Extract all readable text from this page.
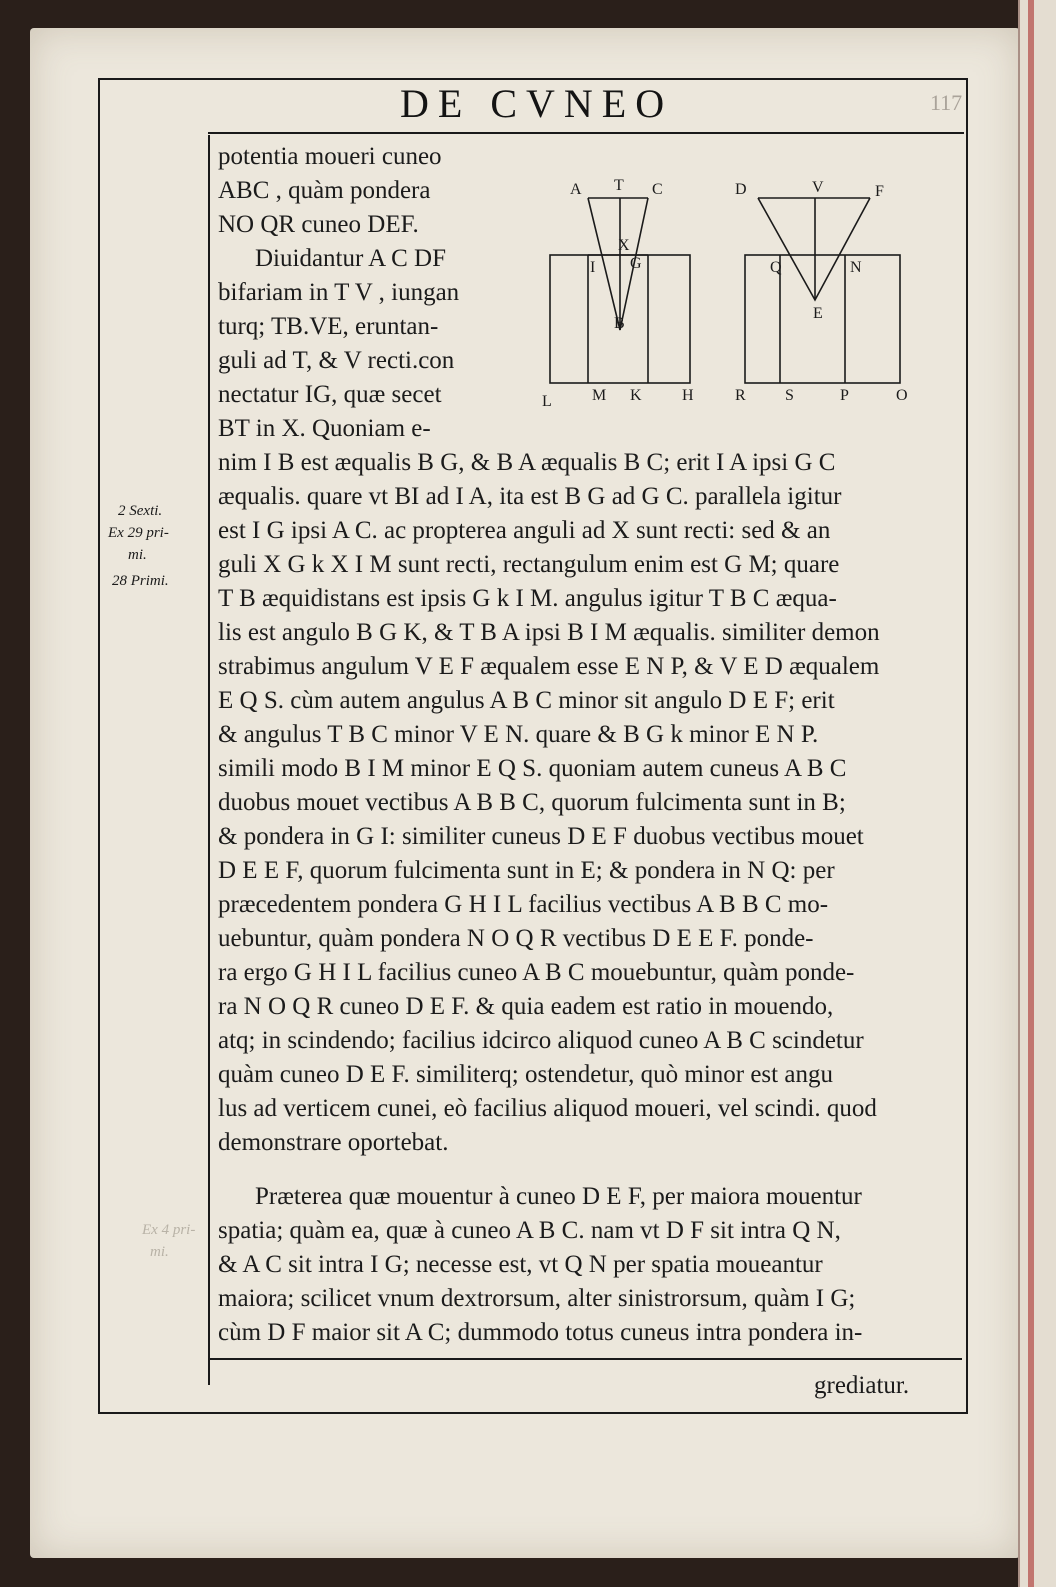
DE CVNEO	117
2 Sexti.
Ex 29 pri-
mi.
28 Primi.
Ex 4 pri-
mi.
potentia moueri cuneo
ABC , quàm pondera
NO QR cuneo DEF.
Diuidantur A C DF
bifariam in T V , iungan
turq; TB.VE, eruntan-
guli ad T, & V recti.con
nectatur IG, quæ secet
BT in X. Quoniam e-
nim I B est æqualis B G, & B A æqualis B C; erit I A ipsi G C
æqualis. quare vt BI ad I A, ita est B G ad G C. parallela igitur
est I G ipsi A C. ac propterea anguli ad X sunt recti: sed & an
guli X G k X I M sunt recti, rectangulum enim est G M; quare
T B æquidistans est ipsis G k I M. angulus igitur T B C æqua-
lis est angulo B G K, & T B A ipsi B I M æqualis. similiter demon
strabimus angulum V E F æqualem esse E N P, & V E D æqualem
E Q S. cùm autem angulus A B C minor sit angulo D E F; erit
& angulus T B C minor V E N. quare & B G k minor E N P.
simili modo B I M minor E Q S. quoniam autem cuneus A B C
duobus mouet vectibus A B B C, quorum fulcimenta sunt in B;
& pondera in G I: similiter cuneus D E F duobus vectibus mouet
D E E F, quorum fulcimenta sunt in E; & pondera in N Q: per
præcedentem pondera G H I L facilius vectibus A B B C mo-
uebuntur, quàm pondera N O Q R vectibus D E E F. ponde-
ra ergo G H I L facilius cuneo A B C mouebuntur, quàm ponde-
ra N O Q R cuneo D E F. & quia eadem est ratio in mouendo,
atq; in scindendo; facilius idcirco aliquod cuneo A B C scindetur
quàm cuneo D E F. similiterq; ostendetur, quò minor est angu
lus ad verticem cunei, eò facilius aliquod moueri, vel scindi. quod
demonstrare oportebat.
Præterea quæ mouentur à cuneo D E F, per maiora mouentur
spatia; quàm ea, quæ à cuneo A B C. nam vt D F sit intra Q N,
& A C sit intra I G; necesse est, vt Q N per spatia moueantur
maiora; scilicet vnum dextrorsum, alter sinistrorsum, quàm I G;
cùm D F maior sit A C; dummodo totus cuneus intra pondera in-
grediatur.
A T C	D	V	F
I G
X
B
Q	N
E
L	M K	H	R S	P	O
